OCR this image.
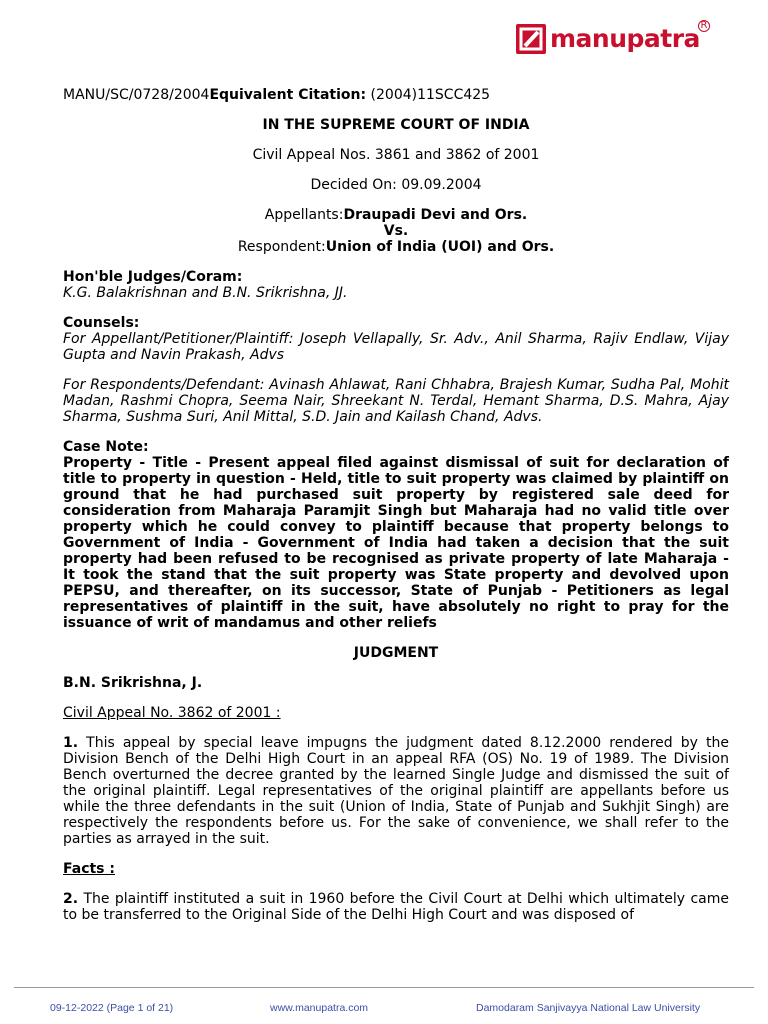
manupatra R

MANU/SC/0728/2004Equivalent Citation: (2004)11SCC425

IN THE SUPREME COURT OF INDIA

Civil Appeal Nos. 3861 and 3862 of 2001

Decided On: 09.09.2004

Appellants:Draupadi Devi and Ors.

Vs.

Respondent:Union of India (UOI) and Ors.

Hon'ble Judges/Coram:

K.G. Balakrishnan and B.N. Srikrishna, JJ.

Counsels:

For Appellant/Petitioner/Plaintiff: Joseph Vellapally, Sr. Adv., Anil Sharma, Rajiv Endlaw, Vijay Gupta and Navin Prakash, Advs

For Respondents/Defendant: Avinash Ahlawat, Rani Chhabra, Brajesh Kumar, Sudha Pal, Mohit Madan, Rashmi Chopra, Seema Nair, Shreekant N. Terdal, Hemant Sharma, D.S. Mahra, Ajay Sharma, Sushma Suri, Anil Mittal, S.D. Jain and Kailash Chand, Advs.

Case Note:

Property - Title - Present appeal filed against dismissal of suit for declaration of title to property in question - Held, title to suit property was claimed by plaintiff on ground that he had purchased suit property by registered sale deed for consideration from Maharaja Paramjit Singh but Maharaja had no valid title over property which he could convey to plaintiff because that property belongs to Government of India - Government of India had taken a decision that the suit property had been refused to be recognised as private property of late Maharaja - It took the stand that the suit property was State property and devolved upon PEPSU, and thereafter, on its successor, State of Punjab - Petitioners as legal representatives of plaintiff in the suit, have absolutely no right to pray for the issuance of writ of mandamus and other reliefs

JUDGMENT

B.N. Srikrishna, J.

Civil Appeal No. 3862 of 2001 :

1. This appeal by special leave impugns the judgment dated 8.12.2000 rendered by the Division Bench of the Delhi High Court in an appeal RFA (OS) No. 19 of 1989. The Division Bench overturned the decree granted by the learned Single Judge and dismissed the suit of the original plaintiff. Legal representatives of the original plaintiff are appellants before us while the three defendants in the suit (Union of India, State of Punjab and Sukhjit Singh) are respectively the respondents before us. For the sake of convenience, we shall refer to the parties as arrayed in the suit.

Facts :

2. The plaintiff instituted a suit in 1960 before the Civil Court at Delhi which ultimately came to be transferred to the Original Side of the Delhi High Court and was disposed of

09-12-2022 (Page 1 of 21)	www.manupatra.com	Damodaram Sanjivayya National Law University
